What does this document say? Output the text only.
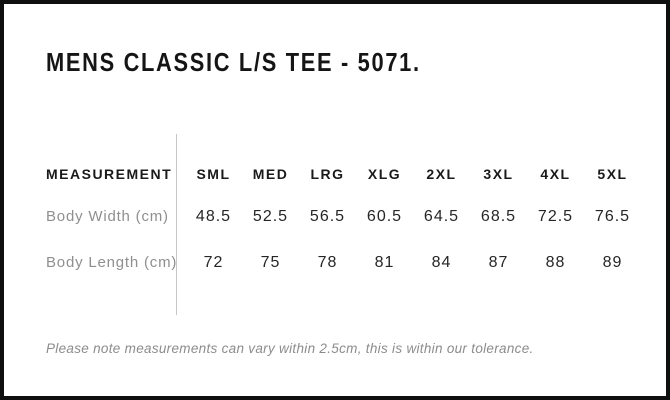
MENS CLASSIC L/S TEE - 5071.
MEASUREMENT	SML	MED	LRG	XLG	2XL	3XL	4XL	5XL
Body Width (cm)	48.5	52.5	56.5	60.5	64.5	68.5	72.5	76.5
Body Length (cm)	72	75	78	81	84	87	88	89
Please note measurements can vary within 2.5cm, this is within our tolerance.
